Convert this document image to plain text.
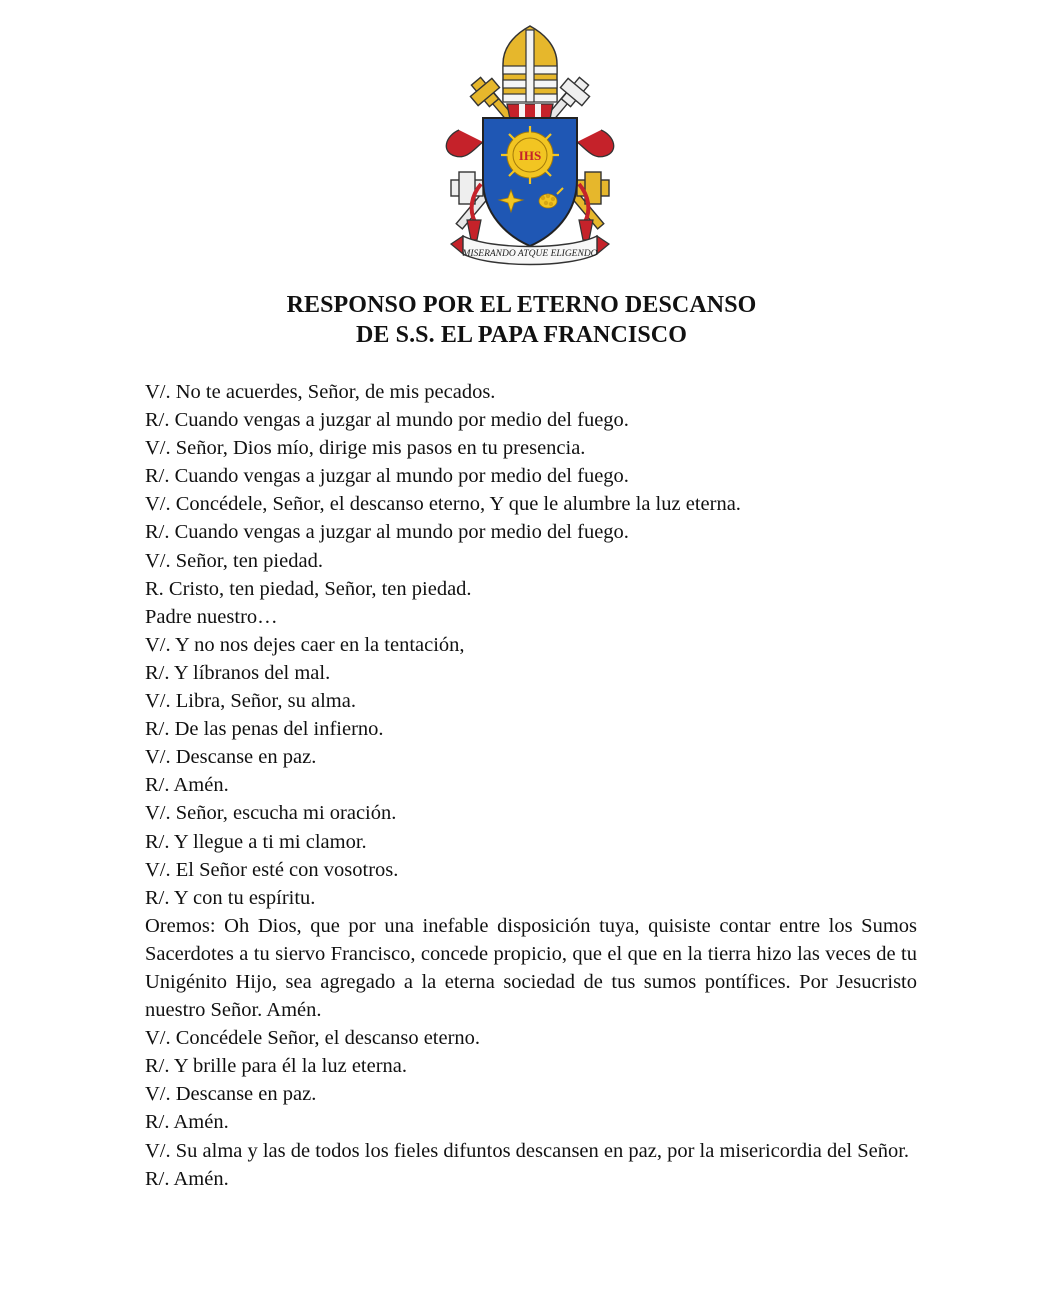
IHS
MISERANDO ATQUE ELIGENDO
RESPONSO POR EL ETERNO DESCANSO
DE S.S. EL PAPA FRANCISCO
V/. No te acuerdes, Señor, de mis pecados.
R/. Cuando vengas a juzgar al mundo por medio del fuego.
V/. Señor, Dios mío, dirige mis pasos en tu presencia.
R/. Cuando vengas a juzgar al mundo por medio del fuego.
V/. Concédele, Señor, el descanso eterno, Y que le alumbre la luz eterna.
R/. Cuando vengas a juzgar al mundo por medio del fuego.
V/. Señor, ten piedad.
R. Cristo, ten piedad, Señor, ten piedad.
Padre nuestro…
V/. Y no nos dejes caer en la tentación,
R/. Y líbranos del mal.
V/. Libra, Señor, su alma.
R/. De las penas del infierno.
V/. Descanse en paz.
R/. Amén.
V/. Señor, escucha mi oración.
R/. Y llegue a ti mi clamor.
V/. El Señor esté con vosotros.
R/. Y con tu espíritu.
Oremos: Oh Dios, que por una inefable disposición tuya, quisiste contar entre los Sumos Sacerdotes a tu siervo Francisco, concede propicio, que el que en la tierra hizo las veces de tu Unigénito Hijo, sea agregado a la eterna sociedad de tus sumos pontífices. Por Jesucristo nuestro Señor. Amén.
V/. Concédele Señor, el descanso eterno.
R/. Y brille para él la luz eterna.
V/. Descanse en paz.
R/. Amén.
V/. Su alma y las de todos los fieles difuntos descansen en paz, por la misericordia del Señor.
R/. Amén.
